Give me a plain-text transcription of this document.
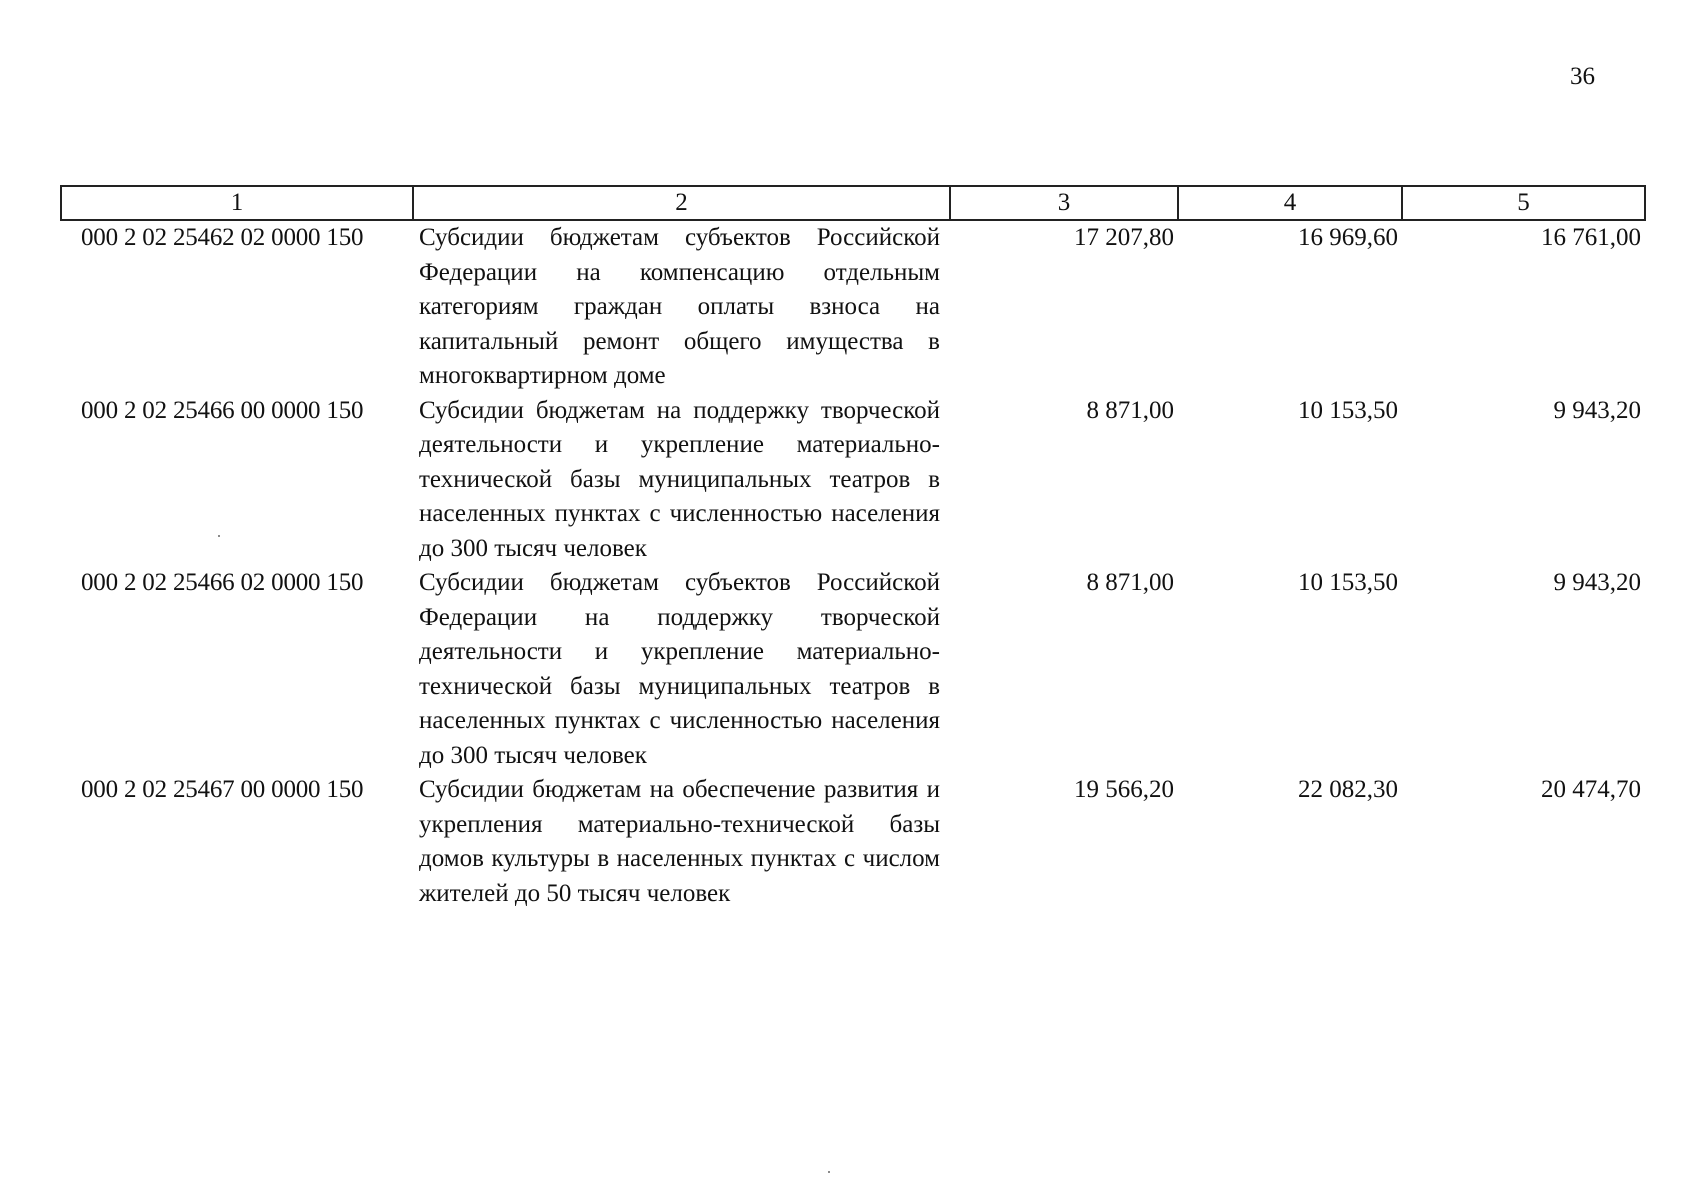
36
1	2	3	4	5
000 2 02 25462 02 0000 150	Субсидии бюджетам субъектов Российской Федерации на компенсацию отдельным категориям граждан оплаты взноса на капитальный ремонт общего имущества в многоквартирном доме	17 207,80	16 969,60	16 761,00
000 2 02 25466 00 0000 150	Субсидии бюджетам на поддержку творческой деятельности и укрепление материально-технической базы муниципальных театров в населенных пунктах с численностью населения до 300 тысяч человек	8 871,00	10 153,50	9 943,20
000 2 02 25466 02 0000 150	Субсидии бюджетам субъектов Российской Федерации на поддержку творческой деятельности и укрепление материально-технической базы муниципальных театров в населенных пунктах с численностью населения до 300 тысяч человек	8 871,00	10 153,50	9 943,20
000 2 02 25467 00 0000 150	Субсидии бюджетам на обеспечение развития и укрепления материально-технической базы домов культуры в населенных пунктах с числом жителей до 50 тысяч человек	19 566,20	22 082,30	20 474,70
